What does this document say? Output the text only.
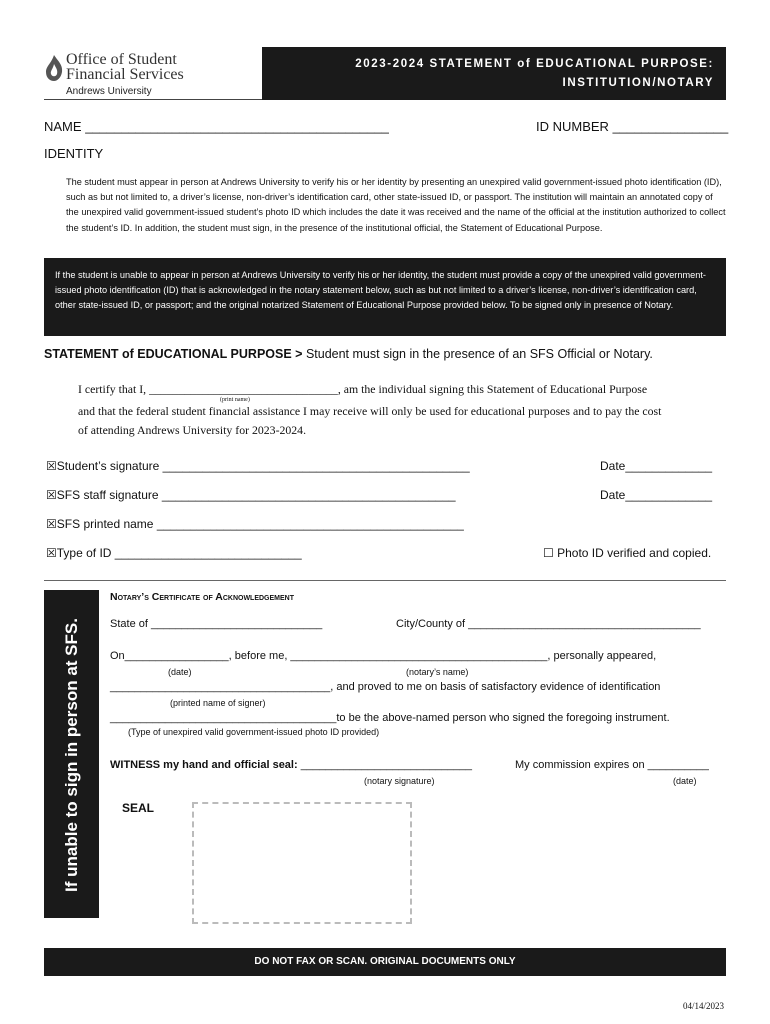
Office of Student
Financial Services
Andrews University
2023-2024 STATEMENT of EDUCATIONAL PURPOSE:
INSTITUTION/NOTARY
NAME __________________________________________	ID NUMBER ________________
IDENTITY
The student must appear in person at Andrews University to verify his or her identity by presenting an unexpired valid government-issued photo identification (ID), such as but not limited to, a driver’s license, non-driver’s identification card, other state-issued ID, or passport. The institution will maintain an annotated copy of the unexpired valid government-issued student’s photo ID which includes the date it was received and the name of the official at the institution authorized to collect the student’s ID. In addition, the student must sign, in the presence of the institutional official, the Statement of Educational Purpose.

If the student is unable to appear in person at Andrews University to verify his or her identity, the student must provide a copy of the unexpired valid government-issued photo identification (ID) that is acknowledged in the notary statement below, such as but not limited to a driver’s license, non-driver’s identification card, other state-issued ID, or passport; and the original notarized Statement of Educational Purpose provided below. To be signed only in presence of Notary.

STATEMENT of EDUCATIONAL PURPOSE > Student must sign in the presence of an SFS Official or Notary.
I certify that I, ________________________________, am the individual signing this Statement of Educational Purpose
(print name)
and that the federal student financial assistance I may receive will only be used for educational purposes and to pay the cost
of attending Andrews University for 2023-2024.
☒Student’s signature ______________________________________________	Date_____________
☒SFS staff signature ____________________________________________	Date_____________
☒SFS printed name ______________________________________________
☒Type of ID ____________________________	☐ Photo ID verified and copied.
If unable to sign in person at SFS.
Notary’s Certificate of Acknowledgement
State of ____________________________	City/County of ______________________________________
On_________________, before me, __________________________________________, personally appeared,
(date)	(notary’s name)
____________________________________, and proved to me on basis of satisfactory evidence of identification
(printed name of signer)
_____________________________________to be the above-named person who signed the foregoing instrument.
(Type of unexpired valid government-issued photo ID provided)
WITNESS my hand and official seal: ____________________________	My commission expires on __________
(notary signature)	(date)
SEAL
DO NOT FAX OR SCAN. ORIGINAL DOCUMENTS ONLY
04/14/2023
